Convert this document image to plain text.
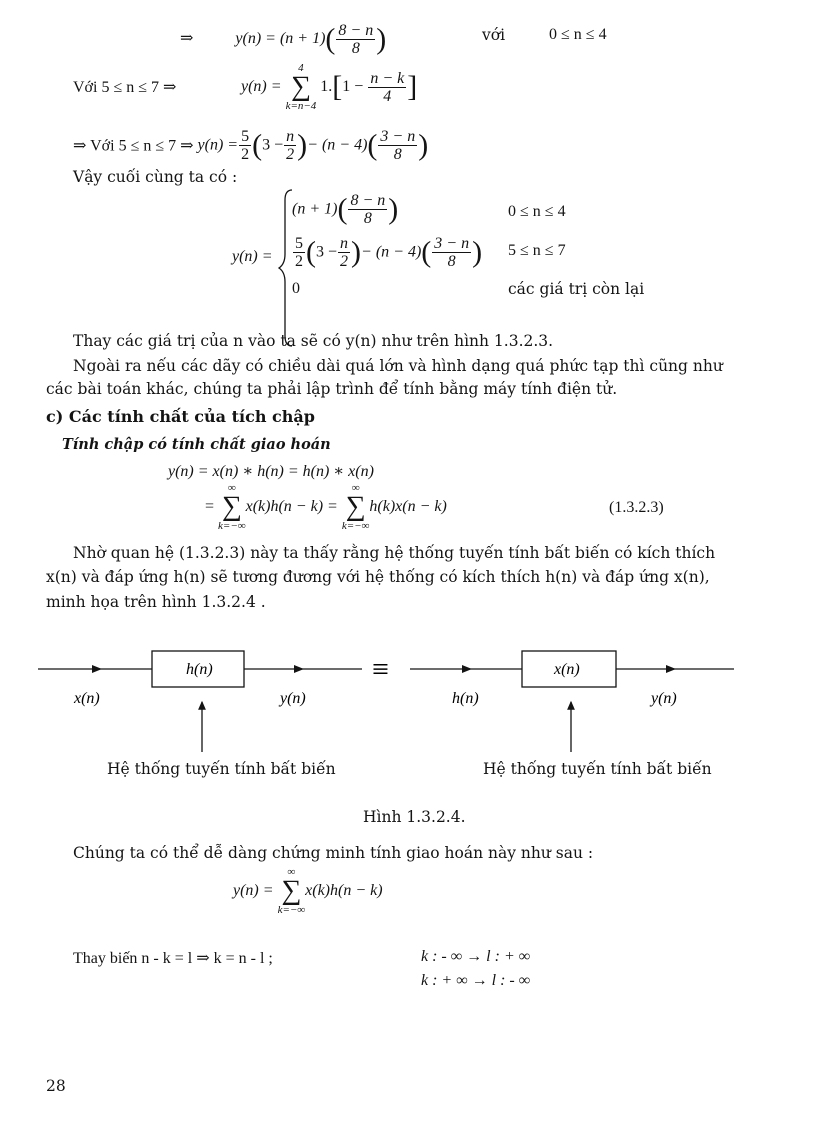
⇒	$y(n) = (n + 1)( \frac{8 - n}{8}$ )	với	0 ≤ n ≤ 4
Với 5 ≤ n ≤ 7 ⇒	y(n) =
4
∑
k=n−4
$1.[1 - \frac{n - k}{4}$ ]
⇒ Với 5 ≤ n ≤ 7 ⇒ $y(n) = \frac{5}{2} (3 - \frac{n}{2}$ )− $(n - 4)( \frac{3 - n}{8}$ )
Vậy cuối cùng ta có :
y(n) =
$(n + 1)( \frac{8 - n}{8}$ )	0 ≤ n ≤ 4
$\frac{5}{2} (3 - \frac{n}{2}$ )− $(n - 4)( \frac{3 - n}{8}$ ) 5 ≤ n ≤ 7
0	các giá trị còn lại
Thay các giá trị của n vào ta sẽ có y(n) như trên hình 1.3.2.3.
Ngoài ra nếu các dãy có chiều dài quá lớn và hình dạng quá phức tạp thì cũng như
các bài toán khác, chúng ta phải lập trình để tính bằng máy tính điện tử.
c) Các tính chất của tích chập
Tính chập có tính chất giao hoán
y(n) = x(n) ∗ h(n) = h(n) ∗ x(n)
=
∞
∑
k=−∞
x(k)h(n − k) =
∞
∑
k=−∞
h(k)x(n − k)	(1.3.2.3)
Nhờ quan hệ (1.3.2.3) này ta thấy rằng hệ thống tuyến tính bất biến có kích thích
x(n) và đáp ứng h(n) sẽ tương đương với hệ thống có kích thích h(n) và đáp ứng x(n),
minh họa trên hình 1.3.2.4 .
h(n)
x(n)	y(n)
≡	x(n)
h(n)	y(n)
Hệ thống tuyến tính bất biến	Hệ thống tuyến tính bất biến
Hình 1.3.2.4.
Chúng ta có thể dễ dàng chứng minh tính giao hoán này như sau :
y(n) =
∞
∑
k=−∞
x(k)h(n − k)
Thay biến n - k = l ⇒ k = n - l ;	k : - ∞ → l : + ∞
k : + ∞ → l : - ∞
28
